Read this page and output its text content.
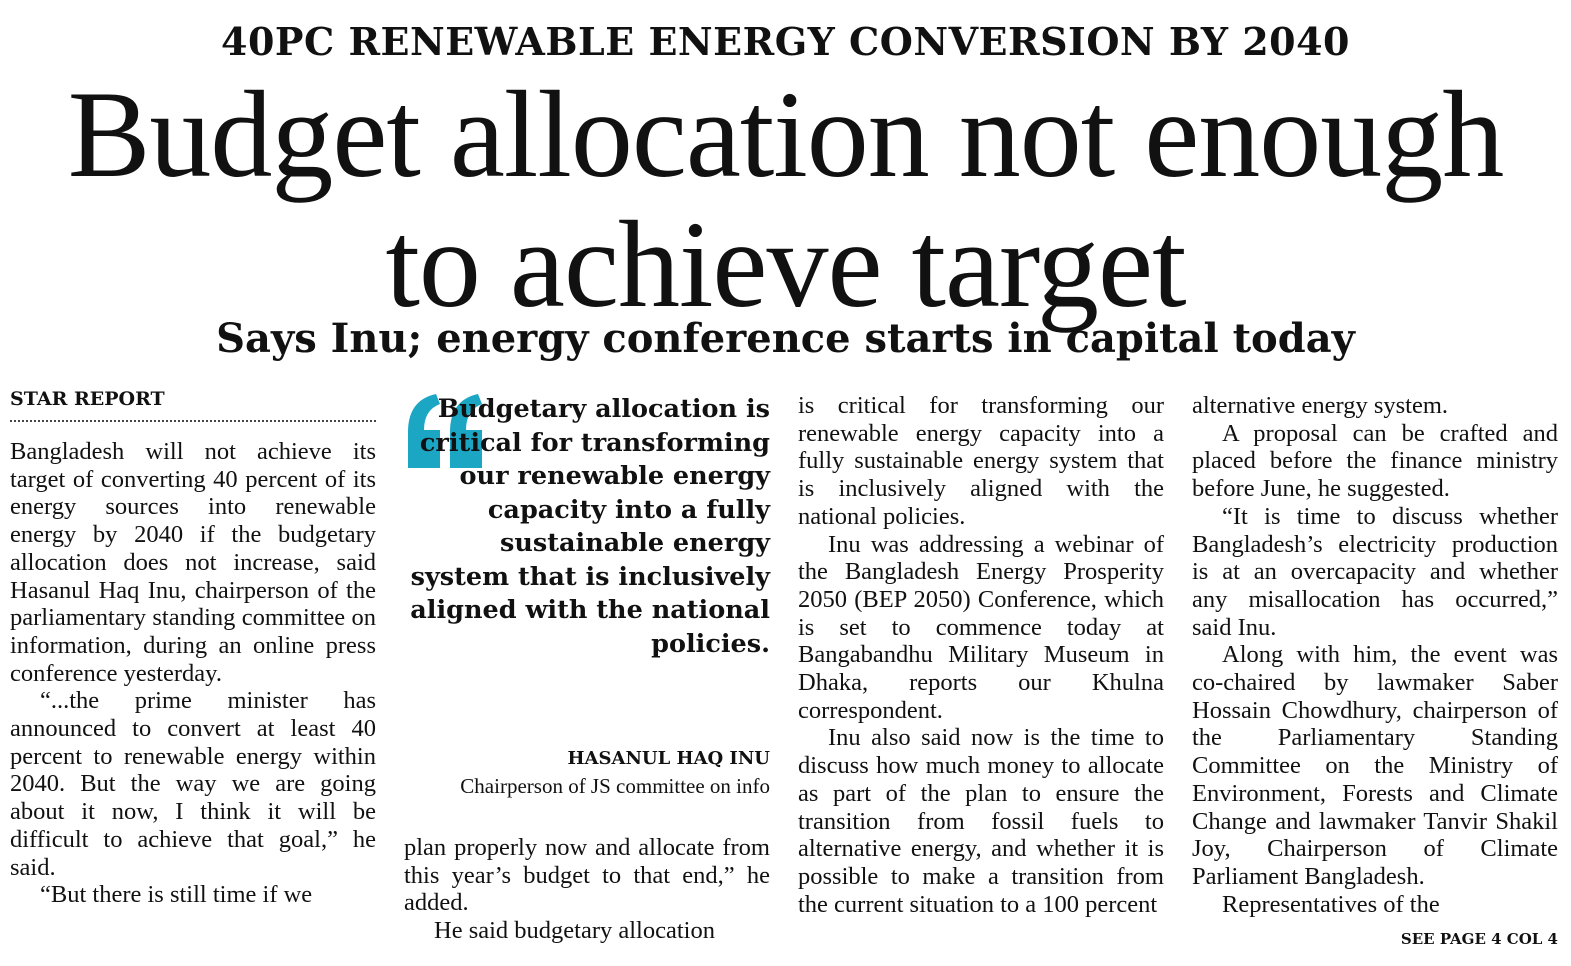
40PC RENEWABLE ENERGY CONVERSION BY 2040
Budget allocation not enough
to achieve target
Says Inu; energy conference starts in capital today
STAR REPORT

Bangladesh will not achieve its target of converting 40 percent of its energy sources into renewable energy by 2040 if the budgetary allocation does not increase, said Hasanul Haq Inu, chairperson of the parliamentary standing committee on information, during an online press conference yesterday.

“...the prime minister has announced to convert at least 40 percent to renewable energy within 2040. But the way we are going about it now, I think it will be difficult to achieve that goal,” he said.

“But there is still time if we

Budgetary allocation is critical for transforming our renewable energy capacity into a fully sustainable energy system that is inclusively aligned with the national policies.
HASANUL HAQ INU
Chairperson of JS committee on info

plan properly now and allocate from this year’s budget to that end,” he added.

He said budgetary allocation

is critical for transforming our renewable energy capacity into a fully sustainable energy system that is inclusively aligned with the national policies.

Inu was addressing a webinar of the Bangladesh Energy Prosperity 2050 (BEP 2050) Conference, which is set to commence today at Bangabandhu Military Museum in Dhaka, reports our Khulna correspondent.

Inu also said now is the time to discuss how much money to allocate as part of the plan to ensure the transition from fossil fuels to alternative energy, and whether it is possible to make a transition from the current situation to a 100 percent

alternative energy system.

A proposal can be crafted and placed before the finance ministry before June, he suggested.

“It is time to discuss whether Bangladesh’s electricity production is at an overcapacity and whether any misallocation has occurred,” said Inu.

Along with him, the event was co-chaired by lawmaker Saber Hossain Chowdhury, chairperson of the Parliamentary Standing Committee on the Ministry of Environment, Forests and Climate Change and lawmaker Tanvir Shakil Joy, Chairperson of Climate Parliament Bangladesh.

Representatives of the

SEE PAGE 4 COL 4
